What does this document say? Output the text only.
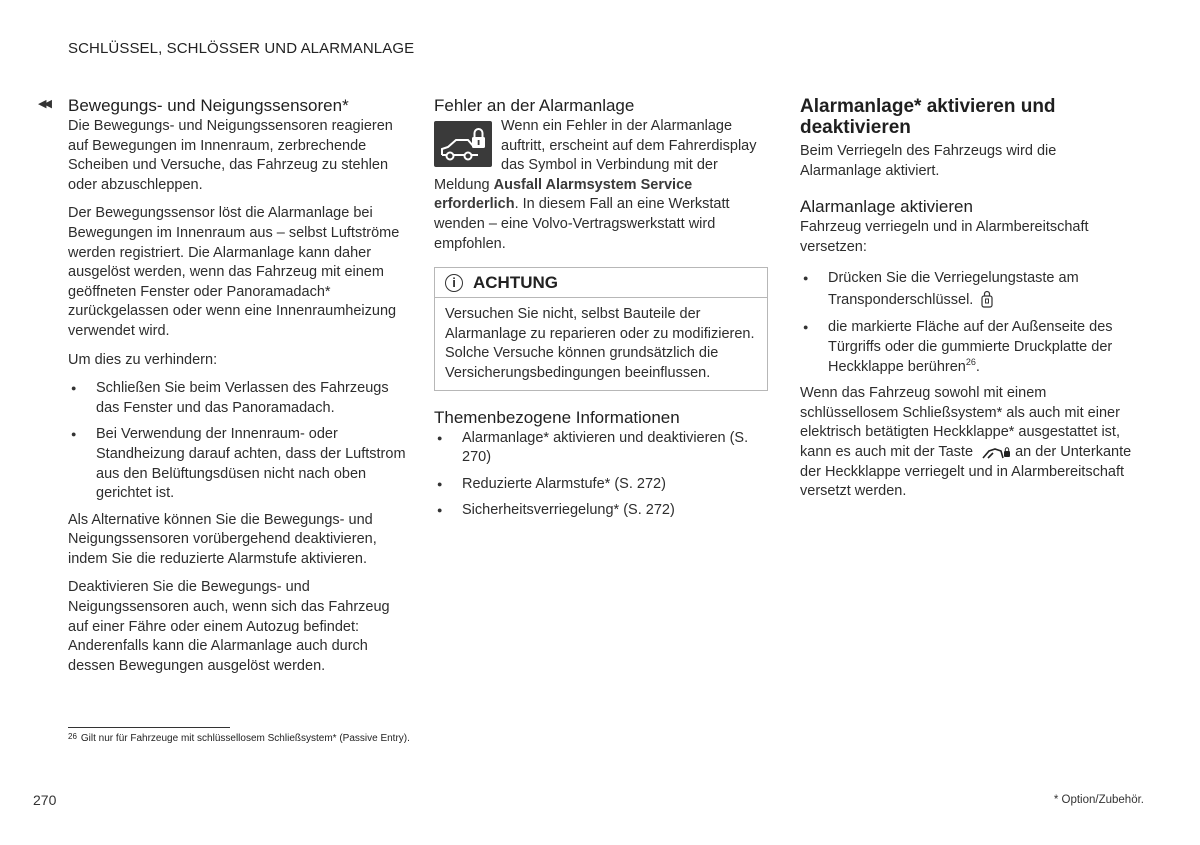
SCHLÜSSEL, SCHLÖSSER UND ALARMANLAGE
◀◀ Bewegungs- und Neigungssensoren*

Die Bewegungs- und Neigungssensoren reagieren auf Bewegungen im Innenraum, zerbrechende Scheiben und Versuche, das Fahrzeug zu stehlen oder abzuschleppen.

Der Bewegungssensor löst die Alarmanlage bei Bewegungen im Innenraum aus – selbst Luftströme werden registriert. Die Alarmanlage kann daher ausgelöst werden, wenn das Fahrzeug mit einem geöffneten Fenster oder Panoramadach* zurückgelassen oder wenn eine Innenraumheizung verwendet wird.

Um dies zu verhindern:

● Schließen Sie beim Verlassen des Fahrzeugs das Fenster und das Panoramadach.
● Bei Verwendung der Innenraum- oder Standheizung darauf achten, dass der Luftstrom aus den Belüftungsdüsen nicht nach oben gerichtet ist.

Als Alternative können Sie die Bewegungs- und Neigungssensoren vorübergehend deaktivieren, indem Sie die reduzierte Alarmstufe aktivieren.

Deaktivieren Sie die Bewegungs- und Neigungssensoren auch, wenn sich das Fahrzeug auf einer Fähre oder einem Autozug befindet: Anderenfalls kann die Alarmanlage auch durch dessen Bewegungen ausgelöst werden.

Fehler an der Alarmanlage

Wenn ein Fehler in der Alarmanlage auftritt, erscheint auf dem Fahrerdisplay das Symbol in Verbindung mit der Meldung Ausfall Alarmsystem Service erforderlich. In diesem Fall an eine Werkstatt wenden – eine Volvo-Vertragswerkstatt wird empfohlen.

i	ACHTUNG
Versuchen Sie nicht, selbst Bauteile der Alarmanlage zu reparieren oder zu modifizieren. Solche Versuche können grundsätzlich die Versicherungsbedingungen beeinflussen.
Themenbezogene Informationen
● Alarmanlage* aktivieren und deaktivieren (S. 270)
● Reduzierte Alarmstufe* (S. 272)
● Sicherheitsverriegelung* (S. 272)
Alarmanlage* aktivieren und deaktivieren

Beim Verriegeln des Fahrzeugs wird die Alarmanlage aktiviert.

Alarmanlage aktivieren

Fahrzeug verriegeln und in Alarmbereitschaft versetzen:

● Drücken Sie die Verriegelungstaste am Transponderschlüssel.
● die markierte Fläche auf der Außenseite des Türgriffs oder die gummierte Druckplatte der Heckklappe berühren$^{26}$.

Wenn das Fahrzeug sowohl mit einem schlüssellosem Schließsystem* als auch mit einer elektrisch betätigten Heckklappe* ausgestattet ist, kann es auch mit der Taste	an der Unterkante der Heckklappe verriegelt und in Alarmbereitschaft versetzt werden.

$^{26}$ Gilt nur für Fahrzeuge mit schlüssellosem Schließsystem* (Passive Entry).
270	* Option/Zubehör.
